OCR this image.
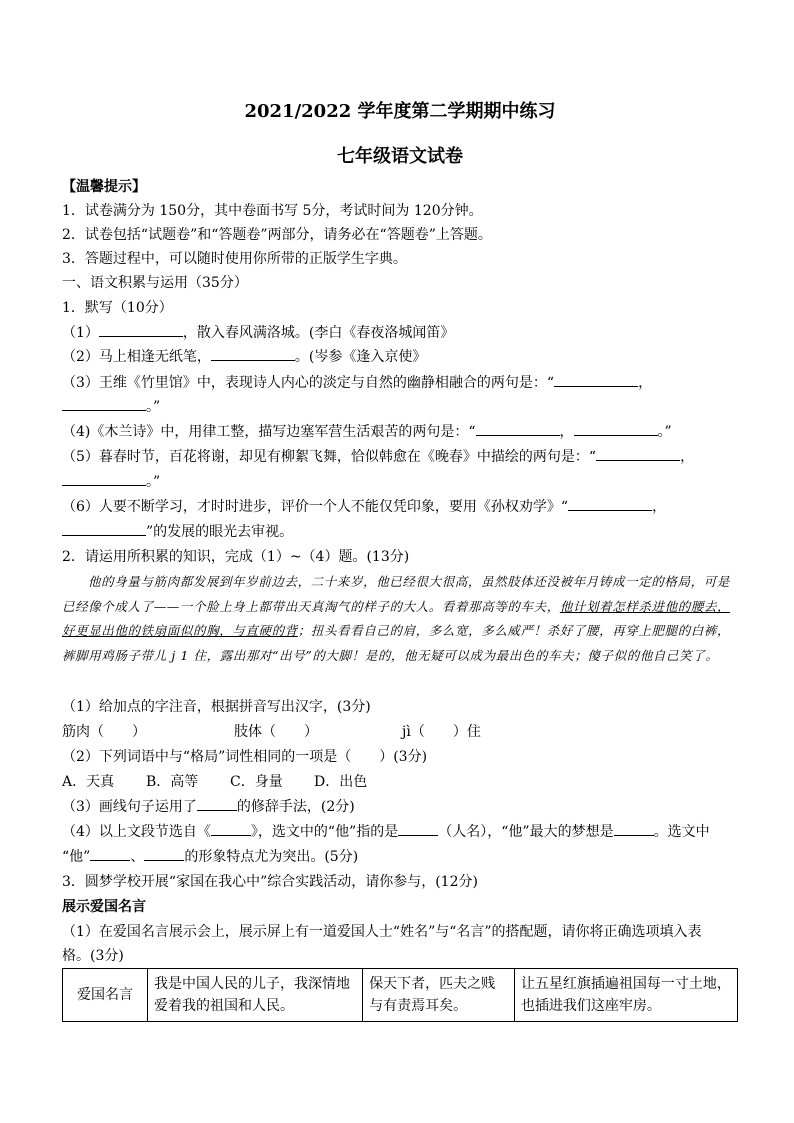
2021/2022 学年度第二学期期中练习
七年级语文试卷
【温馨提示】
1．试卷满分为 150分，其中卷面书写 5分，考试时间为 120分钟。
2．试卷包括“试题卷”和“答题卷”两部分，请务必在“答题卷”上答题。
3．答题过程中，可以随时使用你所带的正版学生字典。
一、语文积累与运用（35分）
1．默写（10分）
（1）	，散入春风满洛城。(李白《春夜洛城闻笛》
（2）马上相逢无纸笔，	。(岑参《逢入京使》
（3）王维《竹里馆》中，表现诗人内心的淡定与自然的幽静相融合的两句是：“	，
。”
（4)《木兰诗》中，用律工整，描写边塞军营生活艰苦的两句是：“	，	。”
（5）暮春时节，百花将谢，却见有柳絮飞舞，恰似韩愈在《晚春》中描绘的两句是：“	，
。”
（6）人要不断学习，才时时进步，评价一个人不能仅凭印象，要用《孙权劝学》“	，
”的发展的眼光去审视。
2．请运用所积累的知识，完成（1）~（4）题。(13分)
他的身量与筋肉都发展到年岁前边去，二十来岁，他已经很大很高，虽然肢体还没被年月铸成一定的格局，可是已经像个成人了——一个脸上身上都带出天真淘气的样子的大人。看着那高等的车夫，他计划着怎样杀进他的腰去，好更显出他的铁扇面似的胸，与直硬的背；扭头看看自己的肩，多么宽，多么威严！杀好了腰，再穿上肥腿的白裤，裤脚用鸡肠子带儿 j 1 住，露出那对“出号”的大脚！是的，他无疑可以成为最出色的车夫；傻子似的他自己笑了。
（1）给加点的字注音，根据拼音写出汉字，(3分)
筋肉（　　）	肢体（　　）	jì（　　）住
（2）下列词语中与“格局”词性相同的一项是（　　）(3分)
A．天真 B．高等 C．身量 D．出色
（3）画线句子运用了	的修辞手法，(2分)
（4）以上文段节选自《	》，选文中的“他”指的是	（人名），“他”最大的梦想是	。选文中
“他”	、	的形象特点尤为突出。(5分)
3．圆梦学校开展“家国在我心中”综合实践活动，请你参与，(12分)
展示爱国名言
（1）在爱国名言展示会上，展示屏上有一道爱国人士“姓名”与“名言”的搭配题，请你将正确选项填入表
格。(3分)
爱国名言	我是中国人民的儿子，我深情地爱着我的祖国和人民。	保天下者，匹夫之贱与有责焉耳矣。	让五星红旗插遍祖国每一寸土地，也插进我们这座牢房。
